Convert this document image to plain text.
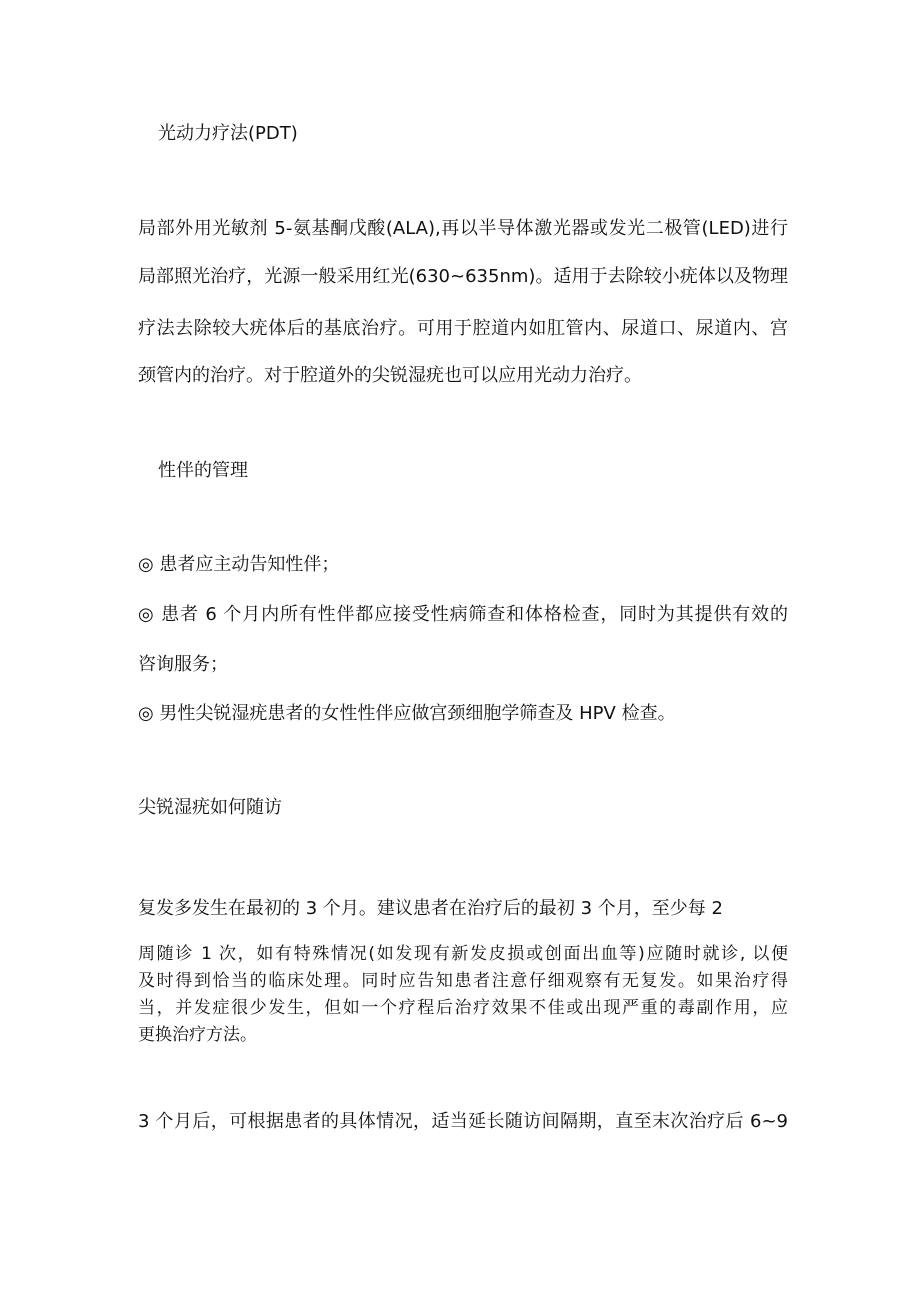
光动力疗法(PDT)
局部外用光敏剂 5-氨基酮戊酸(ALA),再以半导体激光器或发光二极管(LED)进行
局部照光治疗，光源一般采用红光(630~635nm)。适用于去除较小疣体以及物理
疗法去除较大疣体后的基底治疗。可用于腔道内如肛管内、尿道口、尿道内、宫
颈管内的治疗。对于腔道外的尖锐湿疣也可以应用光动力治疗。
性伴的管理
◎ 患者应主动告知性伴；
◎ 患者 6 个月内所有性伴都应接受性病筛查和体格检查，同时为其提供有效的
咨询服务；
◎ 男性尖锐湿疣患者的女性性伴应做宫颈细胞学筛查及 HPV 检查。
尖锐湿疣如何随访
复发多发生在最初的 3 个月。建议患者在治疗后的最初 3 个月，至少每 2
周随诊 1 次，如有特殊情况(如发现有新发皮损或创面出血等)应随时就诊, 以便
及时得到恰当的临床处理。同时应告知患者注意仔细观察有无复发。如果治疗得
当，并发症很少发生，但如一个疗程后治疗效果不佳或出现严重的毒副作用，应
更换治疗方法。
3 个月后，可根据患者的具体情况，适当延长随访间隔期，直至末次治疗后 6~9
